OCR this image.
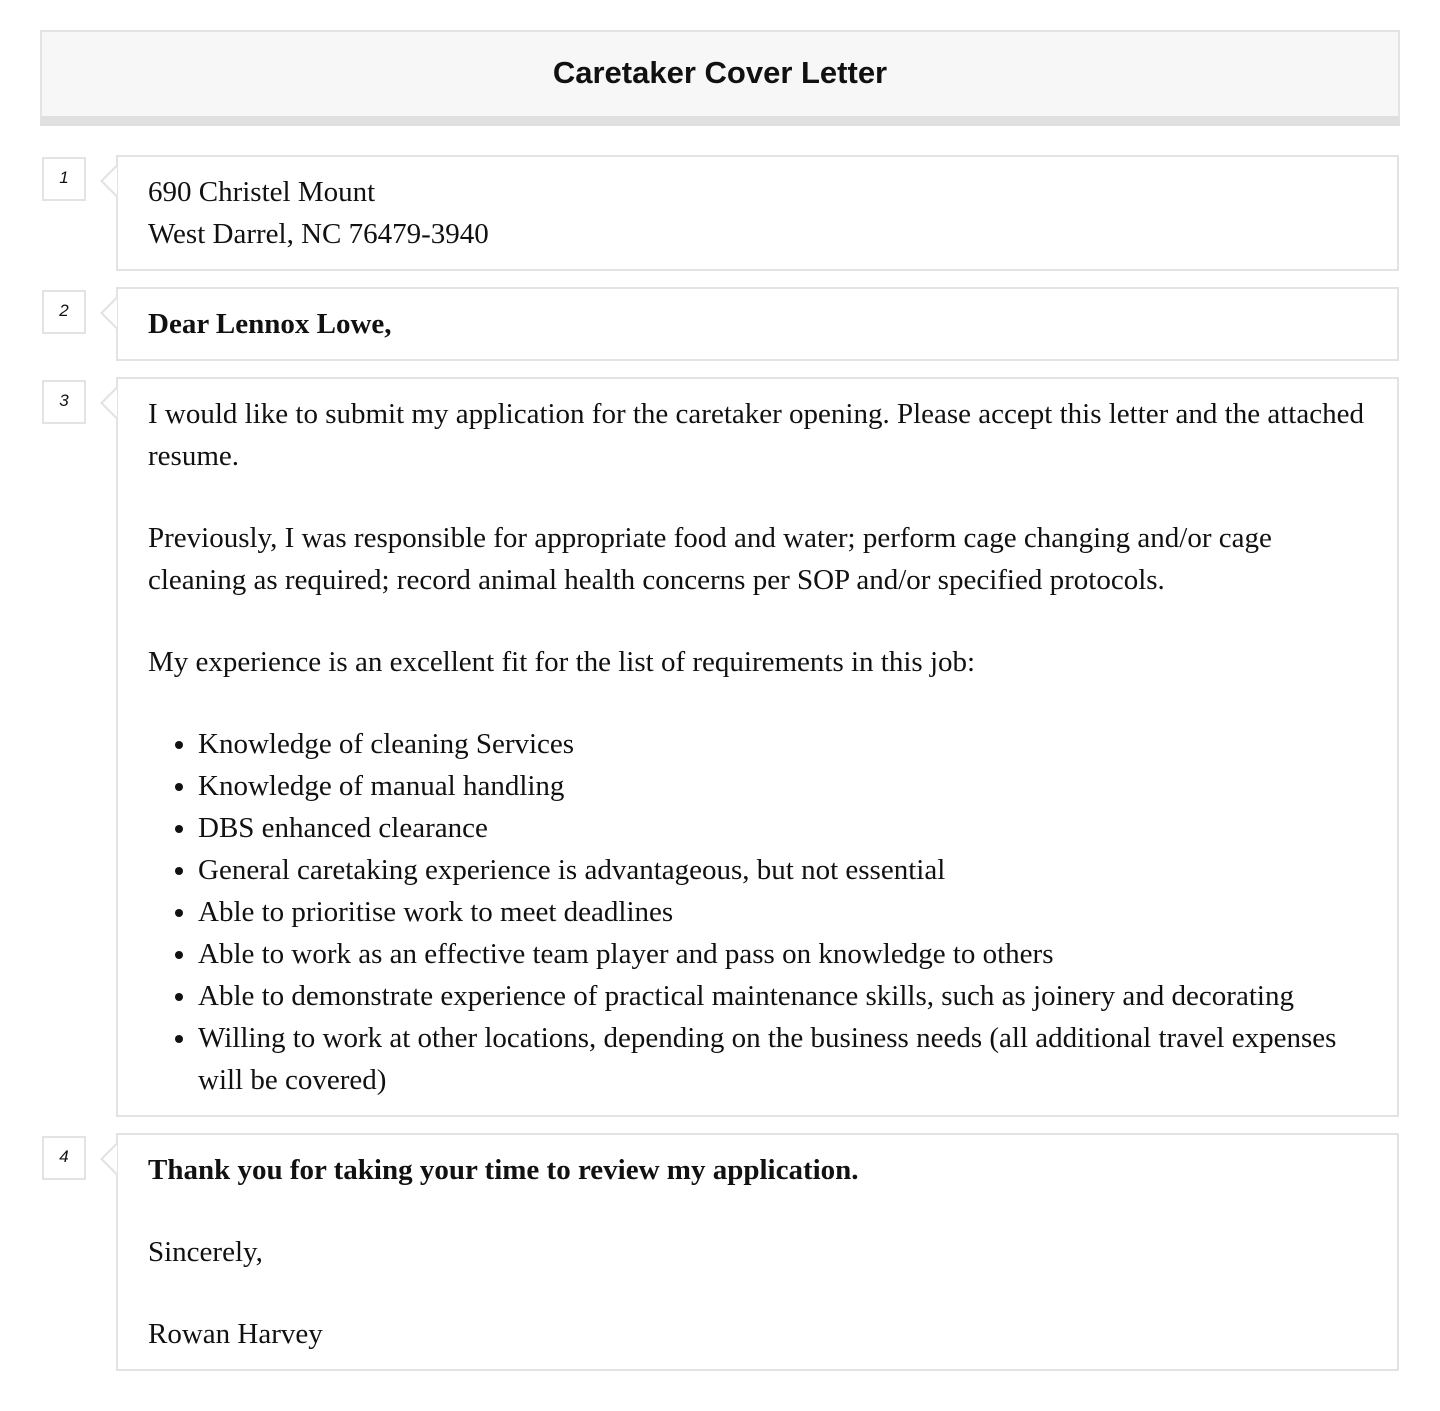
Caretaker Cover Letter
1	690 Christel Mount
West Darrel, NC 76479-3940
2	Dear Lennox Lowe,
3	I would like to submit my application for the caretaker opening. Please accept this letter and the attached resume.

Previously, I was responsible for appropriate food and water; perform cage changing and/or cage cleaning as required; record animal health concerns per SOP and/or specified protocols.

My experience is an excellent fit for the list of requirements in this job:

• Knowledge of cleaning Services
• Knowledge of manual handling
• DBS enhanced clearance
• General caretaking experience is advantageous, but not essential
• Able to prioritise work to meet deadlines
• Able to work as an effective team player and pass on knowledge to others
• Able to demonstrate experience of practical maintenance skills, such as joinery and decorating
• Willing to work at other locations, depending on the business needs (all additional travel expenses will be covered)
4	Thank you for taking your time to review my application.

Sincerely,

Rowan Harvey
